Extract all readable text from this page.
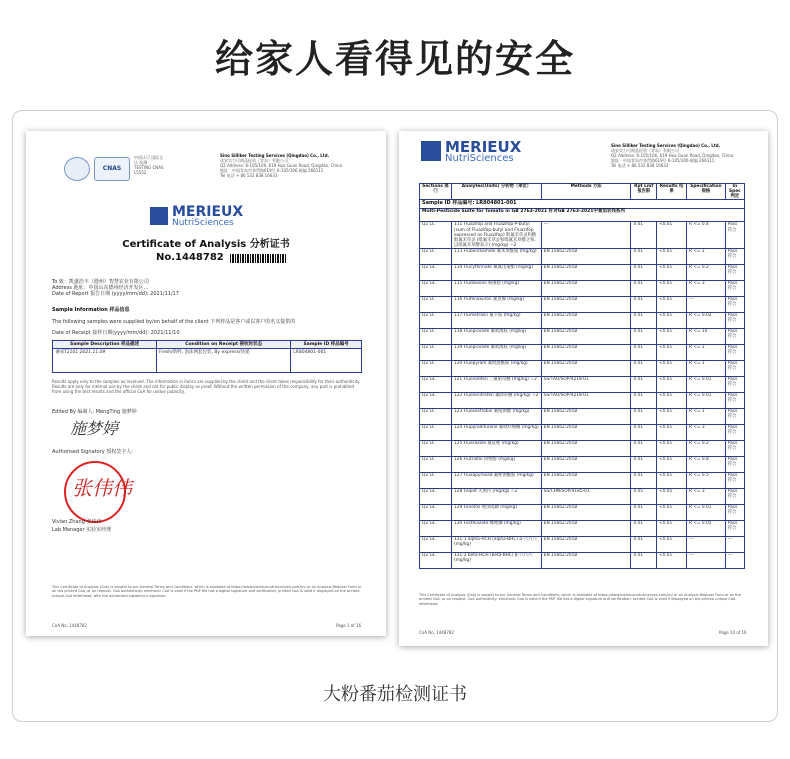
给家人看得见的安全
CNAS
中国认可 国际互认 检测 TESTING CNAS L5552
Sino Silliker Testing Services (Qingdao) Co., Ltd.
诺安实力可商品检验（青岛）有限公司
Q2 Address: 6-105/106, 619 Hua Guan Road, Qingdao, China
地址：中国青岛市华贯路619号 6-105/106 邮编 266111
Tel 电话 + 86 532 838 16633
MERIEUX
NutriSciences
Certificate of Analysis 分析证书
No.1448782
To 致：凯盛浩丰（德州）智慧农业有限公司
Address 地址：中国山东德州经济开发区...
Date of Report 报告日期 (yyyy/mm/dd): 2021/11/17
Sample Information 样品信息
The following samples were supplied by/on behalf of the client 下列样品是客户或以客户的名义提供的
Date of Receipt 接样日期(yyyy/mm/dd): 2021/11/10
Sample Description 样品描述	Condition on Receipt 接收时状态	Sample ID 样品编号
番茄T2101 2021.11.09	Fresh/新鲜, 泡沫网套包装, By express/快递	LR804801-001
Results apply only to the samples as received. The information in italics are supplied by the client and the client takes responsibility for their authenticity. Results are only for internal use by the client and not for public display as proof. Without the written permission of the company, any part is prohibited from using the test results and the official CoA for undue publicity.
Edited By 编制人: MengTing 施梦婷
施梦婷
Authorised Signatory 授权签字人:
张伟伟
Vivian Zhang 张伟伟
Lab Manager 实验室经理
This Certificate of Analysis (CoA) is subject to our General Terms and Conditions, which is available at https://www.merieuxnutrisciences.com/cn/ or on Analysis Request Form or on the printed CoA, or on request. CoA authenticity: electronic CoA is valid if the PDF file has a digital signature and verification, printed CoA is valid if displayed on the printed unique CoA letterhead, with the authorized signatory's signature.
CoA No. 1448782	Page 1 of 16
MERIEUX
NutriSciences
Sino Silliker Testing Services (Qingdao) Co., Ltd.
诺安实力可商品检验（青岛）有限公司
Q2 Address: 6-105/106, 619 Hua Guan Road, Qingdao, China
地址：中国青岛市华贯路619号 6-105/106 邮编 266111
Tel 电话 + 86 532 838 16633
Sections 部门	Analytes(Units) 分析物（单位）	Methods 方法	Rpt Lmt 报告限	Results 结果	Specification 规格	In Spec 判定
Sample ID 样品编号: LR804801-001						
Multi-Pesticide Suite for Tomato in GB 2763-2021 针对GB 2763-2021中番茄农残系列						
Q2 LC	111 Fluazifop and Fluazifop-P-butyl (sum of Fluazifop-butyl and Fluazifop expressed as Fluazifop) 吡氟禾草灵和精吡氟禾草灵 (吡氟禾草灵和吡氟禾草酸之和, 以吡氟禾草酸表示) (mg/kg) ☆2	---	0.01	<0.01	R <= 0.4	Pass 符合
Q2 LC	113 Flubendiamide 氟苯虫酰胺 (mg/kg)	EN 15662:2018	0.01	<0.01	R <= 2	Pass 符合
Q2 GC	114 Flucythrinate 氟氰戊菊酯 (mg/kg)	EN 15662:2018	0.01	<0.01	R <= 0.2	Pass 符合
Q2 GC	115 Fludioxonil 咯菌腈 (mg/kg)	EN 15662:2018	0.01	<0.01	R <= 3	Pass 符合
Q2 LC	116 Flufenoxuron 氟虫脲 (mg/kg)	EN 15662:2018	0.01	<0.01	---	Pass 符合
Q2 LC	117 Flumetralin 氟节胺 (mg/kg)	EN 15662:2018	0.01	<0.01	R <= 0.02	Pass 符合
Q2 LC	118 Fluopicolide 氟吡菌胺 (mg/kg)	EN 15662:2018	0.01	<0.01	R <= 10	Pass 符合
Q2 LC	119 Fluopicolide 氟吡菌胺 (mg/kg)	EN 15662:2018	0.01	<0.01	R <= 2	Pass 符合
Q2 LC	120 Fluopyram 氟吡菌酰胺 (mg/kg)	EN 15662:2018	0.01	<0.01	R <= 1	Pass 符合
Q2 GC	121 Fluorodifen 三氟硝草醚 (mg/kg) ☆2	SS/TAO/SOP/4218-01	0.01	<0.01	R <= 0.01	Pass 符合
Q2 GC	122 Fluoronitrofen 氟除草醚 (mg/kg) ☆2	SS/TAO/SOP/4218-01	0.01	<0.01	R <= 0.01	Pass 符合
Q2 LC	123 Fluoxastrobin 氟嘧菌酯 (mg/kg)	EN 15662:2018	0.01	<0.01	R <= 1	Pass 符合
Q2 LC	124 Flupyradifurone 氟吡呋喃酮 (mg/kg)	EN 15662:2018	0.01	<0.01	R <= 3	Pass 符合
Q2 LC	125 Flusilazole 氟硅唑 (mg/kg)	EN 15662:2018	0.01	<0.01	R <= 0.2	Pass 符合
Q2 LC	126 Flutriafol 粉唑醇 (mg/kg)	EN 15662:2018	0.01	<0.01	R <= 0.8	Pass 符合
Q2 LC	127 Fluxapyroxad 氟唑菌酰胺 (mg/kg)	EN 15662:2018	0.01	<0.01	R <= 0.5	Pass 符合
Q2 GC	128 Folpet 灭菌丹 (mg/kg) ☆2	SS/CHN/SOP/4185-01	0.05	<0.05	R <= 3	Pass 符合
Q2 GC	129 Fonofos 地虫硫磷 (mg/kg)	EN 15662:2018	0.01	<0.01	R <= 0.01	Pass 符合
Q2 GC	130 Fosthiazate 噻唑膦 (mg/kg)	EN 15662:2018	0.01	<0.01	R <= 0.05	Pass 符合
Q2 GC	131-1 alpha-HCH (alpha-BHC) α-六六六 (mg/kg)	EN 15662:2018	0.01	<0.01	---	---
Q2 GC	131-2 beta-HCH (beta-BHC) β-六六六 (mg/kg)	EN 15662:2018	0.01	<0.01	---	---
This Certificate of Analysis (CoA) is subject to our General Terms and Conditions, which is available at https://www.merieuxnutrisciences.com/cn/ or on Analysis Request Form or on the printed CoA, or on request. CoA authenticity: electronic CoA is valid if the PDF file has a digital signature and verification, printed CoA is valid if displayed on the printed unique CoA letterhead.
CoA No. 1448782	Page 10 of 16
大粉番茄检测证书
